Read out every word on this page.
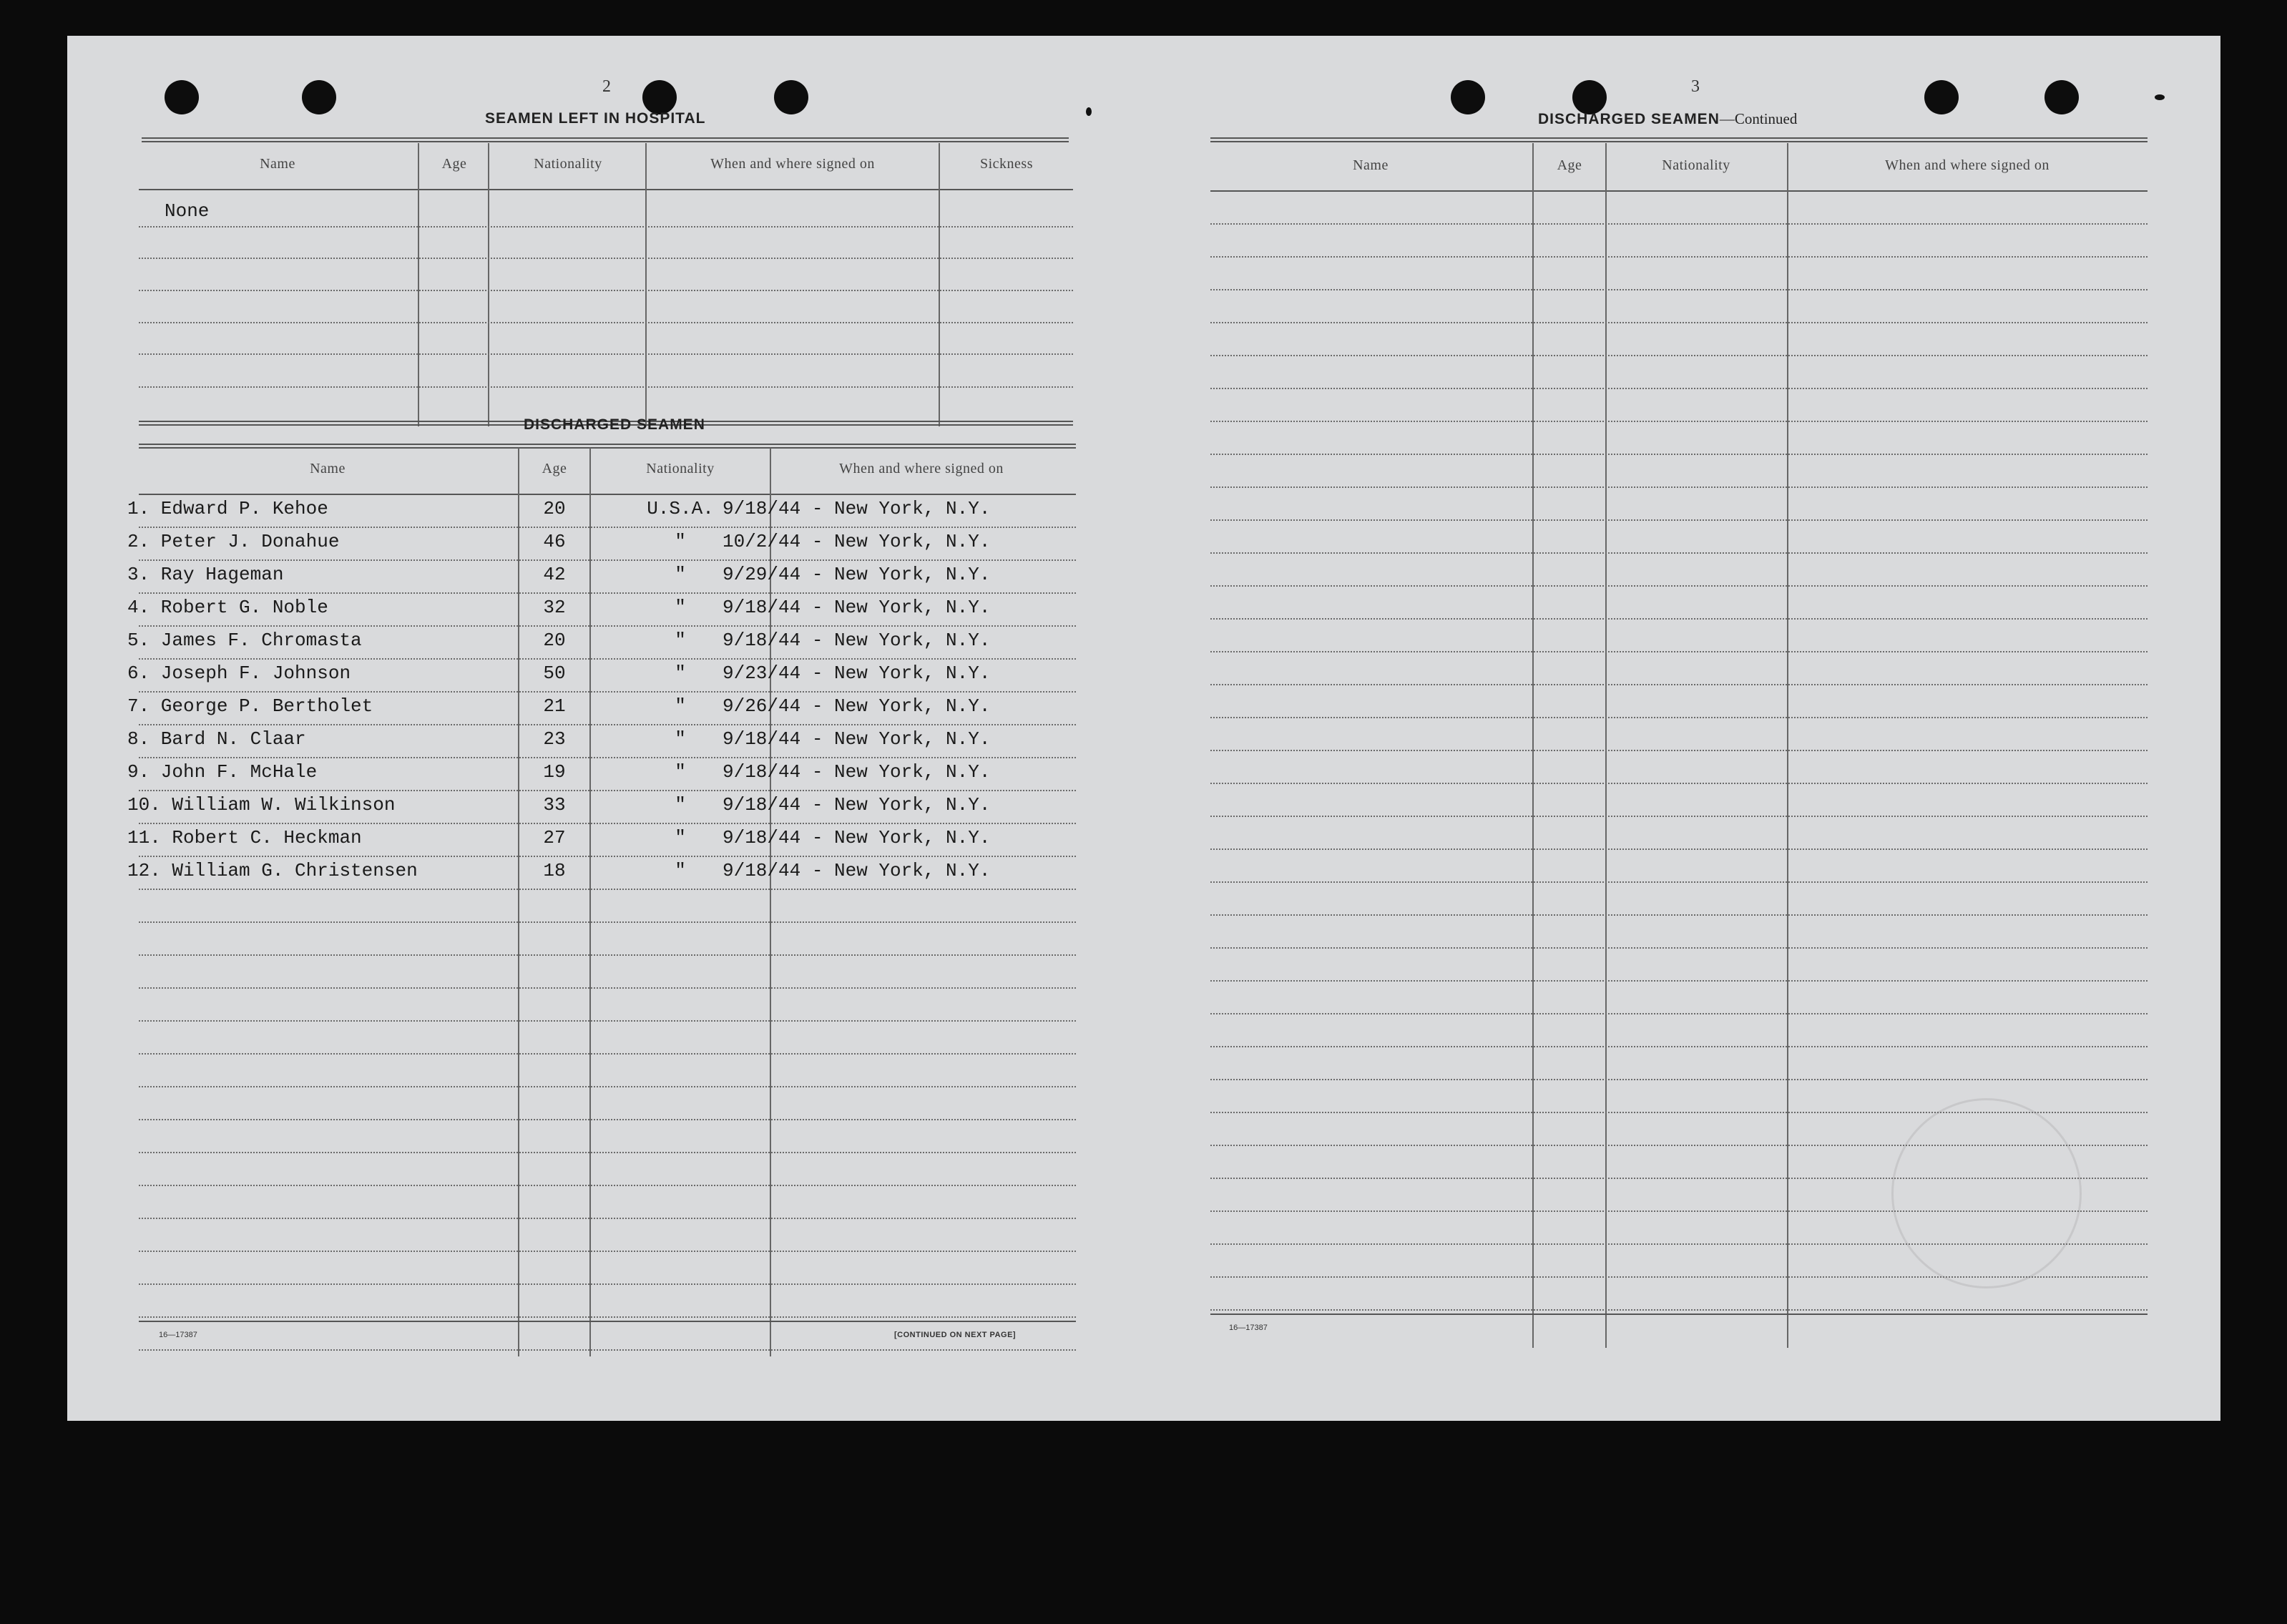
2
SEAMEN LEFT IN HOSPITAL
Name	Age	Nationality	When and where signed on	Sickness
None
DISCHARGED SEAMEN
Name	Age	Nationality	When and where signed on
1. Edward P. Kehoe	20	U.S.A. 9/18/44 - New York, N.Y.
2. Peter J. Donahue	46	"	10/2/44 - New York, N.Y.
3. Ray Hageman	42	"	9/29/44 - New York, N.Y.
4. Robert G. Noble	32	"	9/18/44 - New York, N.Y.
5. James F. Chromasta	20	"	9/18/44 - New York, N.Y.
6. Joseph F. Johnson	50	"	9/23/44 - New York, N.Y.
7. George P. Bertholet	21	"	9/26/44 - New York, N.Y.
8. Bard N. Claar	23	"	9/18/44 - New York, N.Y.
9. John F. McHale	19	"	9/18/44 - New York, N.Y.
10. William W. Wilkinson	33	"	9/18/44 - New York, N.Y.
11. Robert C. Heckman	27	"	9/18/44 - New York, N.Y.
12. William G. Christensen	18	"	9/18/44 - New York, N.Y.
16—17387	[CONTINUED ON NEXT PAGE]
3
DISCHARGED SEAMEN—Continued
Name	Age	Nationality	When and where signed on
16—17387
